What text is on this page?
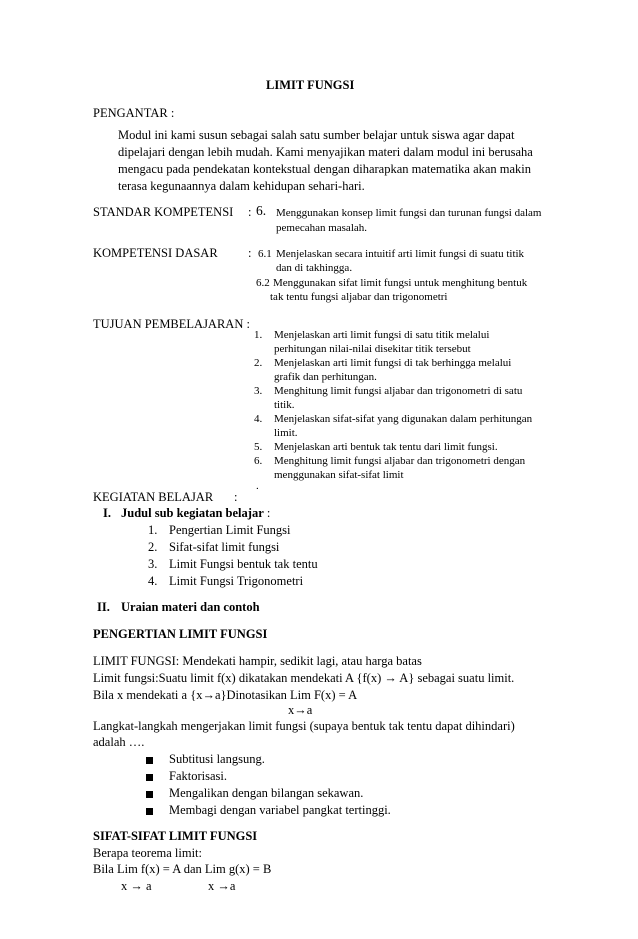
LIMIT FUNGSI
PENGANTAR :
Modul ini kami susun sebagai salah satu sumber belajar untuk siswa agar dapat
dipelajari dengan lebih mudah. Kami menyajikan materi dalam modul ini berusaha
mengacu pada pendekatan kontekstual dengan diharapkan matematika akan makin
terasa kegunaannya dalam kehidupan sehari-hari.
STANDAR KOMPETENSI : 6. Menggunakan konsep limit fungsi dan turunan fungsi dalam
pemecahan masalah.
KOMPETENSI DASAR : 6.1 Menjelaskan secara intuitif arti limit fungsi di suatu titik
dan di takhingga.
6.2 Menggunakan sifat limit fungsi untuk menghitung bentuk
tak tentu fungsi aljabar dan trigonometri
TUJUAN PEMBELAJARAN :
1. Menjelaskan arti limit fungsi di satu titik melalui
perhitungan nilai-nilai disekitar titik tersebut
2. Menjelaskan arti limit fungsi di tak berhingga melalui
grafik dan perhitungan.
3. Menghitung limit fungsi aljabar dan trigonometri di satu
titik.
4. Menjelaskan sifat-sifat yang digunakan dalam perhitungan
limit.
5. Menjelaskan arti bentuk tak tentu dari limit fungsi.
6. Menghitung limit fungsi aljabar dan trigonometri dengan
menggunakan sifat-sifat limit
.
KEGIATAN BELAJAR :
I. Judul sub kegiatan belajar :
1. Pengertian Limit Fungsi
2. Sifat-sifat limit fungsi
3. Limit Fungsi bentuk tak tentu
4. Limit Fungsi Trigonometri
II. Uraian materi dan contoh
PENGERTIAN LIMIT FUNGSI
LIMIT FUNGSI: Mendekati hampir, sedikit lagi, atau harga batas
Limit fungsi:Suatu limit f(x) dikatakan mendekati A {f(x) → A} sebagai suatu limit.
Bila x mendekati a {x→a}Dinotasikan Lim F(x) = A
x→a
Langkat-langkah mengerjakan limit fungsi (supaya bentuk tak tentu dapat dihindari)
adalah ….
Subtitusi langsung.
Faktorisasi.
Mengalikan dengan bilangan sekawan.
Membagi dengan variabel pangkat tertinggi.
SIFAT-SIFAT LIMIT FUNGSI
Berapa teorema limit:
Bila Lim f(x) = A dan Lim g(x) = B
x → a	x →a
